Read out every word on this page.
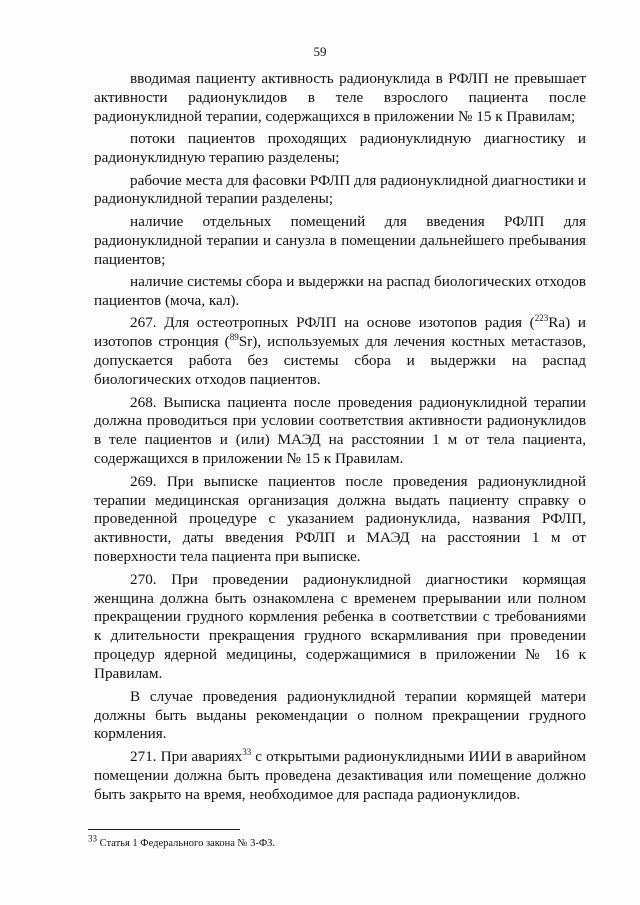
59

вводимая пациенту активность радионуклида в РФЛП не превышает активности радионуклидов в теле взрослого пациента после радионуклидной терапии, содержащихся в приложении № 15 к Правилам;

потоки пациентов проходящих радионуклидную диагностику и радионуклидную терапию разделены;

рабочие места для фасовки РФЛП для радионуклидной диагностики и радионуклидной терапии разделены;

наличие отдельных помещений для введения РФЛП для радионуклидной терапии и санузла в помещении дальнейшего пребывания пациентов;

наличие системы сбора и выдержки на распад биологических отходов пациентов (моча, кал).

267. Для остеотропных РФЛП на основе изотопов радия ($^{223}$Ra) и изотопов стронция ($^{89}$Sr), используемых для лечения костных метастазов, допускается работа без системы сбора и выдержки на распад биологических отходов пациентов.

268. Выписка пациента после проведения радионуклидной терапии должна проводиться при условии соответствия активности радионуклидов в теле пациентов и (или) МАЭД на расстоянии 1 м от тела пациента, содержащихся в приложении № 15 к Правилам.

269. При выписке пациентов после проведения радионуклидной терапии медицинская организация должна выдать пациенту справку о проведенной процедуре с указанием радионуклида, названия РФЛП, активности, даты введения РФЛП и МАЭД на расстоянии 1 м от поверхности тела пациента при выписке.

270. При проведении радионуклидной диагностики кормящая женщина должна быть ознакомлена с временем прерывании или полном прекращении грудного кормления ребенка в соответствии с требованиями к длительности прекращения грудного вскармливания при проведении процедур ядерной медицины, содержащимися в приложении № 16 к Правилам.

В случае проведения радионуклидной терапии кормящей матери должны быть выданы рекомендации о полном прекращении грудного кормления.

271. При авариях$^{33}$ с открытыми радионуклидными ИИИ в аварийном помещении должна быть проведена дезактивация или помещение должно быть закрыто на время, необходимое для распада радионуклидов.

$^{33}$ Статья 1 Федерального закона № 3-ФЗ.
